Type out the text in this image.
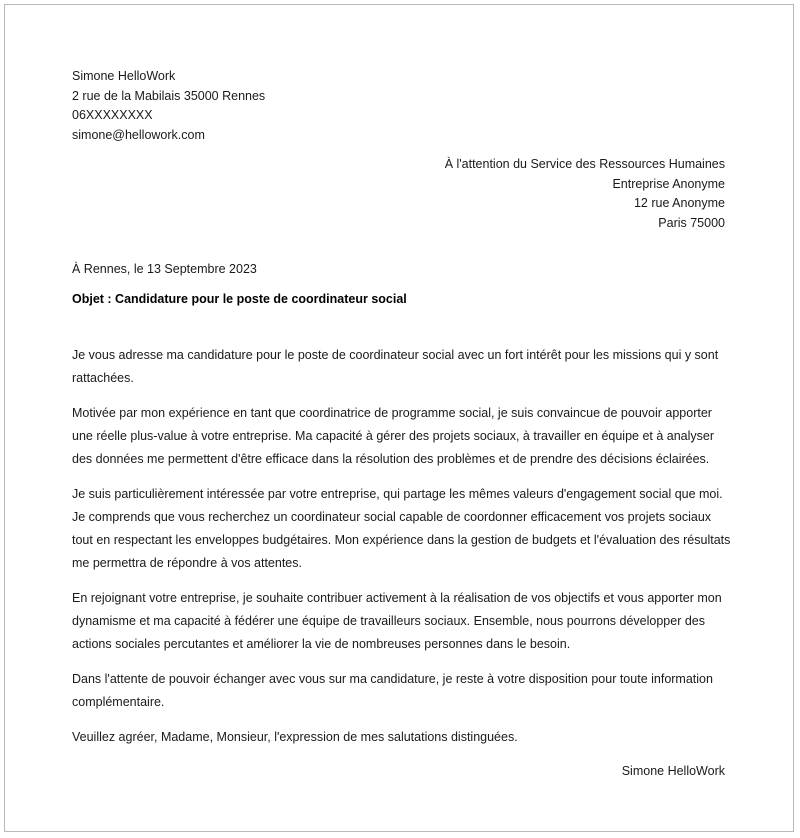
Simone HelloWork
2 rue de la Mabilais 35000 Rennes
06XXXXXXXX
simone@hellowork.com
À l'attention du Service des Ressources Humaines
Entreprise Anonyme
12 rue Anonyme
Paris 75000
À Rennes, le 13 Septembre 2023
Objet : Candidature pour le poste de coordinateur social

Je vous adresse ma candidature pour le poste de coordinateur social avec un fort intérêt pour les missions qui y sont rattachées.

Motivée par mon expérience en tant que coordinatrice de programme social, je suis convaincue de pouvoir apporter une réelle plus-value à votre entreprise. Ma capacité à gérer des projets sociaux, à travailler en équipe et à analyser des données me permettent d'être efficace dans la résolution des problèmes et de prendre des décisions éclairées.

Je suis particulièrement intéressée par votre entreprise, qui partage les mêmes valeurs d'engagement social que moi. Je comprends que vous recherchez un coordinateur social capable de coordonner efficacement vos projets sociaux tout en respectant les enveloppes budgétaires. Mon expérience dans la gestion de budgets et l'évaluation des résultats me permettra de répondre à vos attentes.

En rejoignant votre entreprise, je souhaite contribuer activement à la réalisation de vos objectifs et vous apporter mon dynamisme et ma capacité à fédérer une équipe de travailleurs sociaux. Ensemble, nous pourrons développer des actions sociales percutantes et améliorer la vie de nombreuses personnes dans le besoin.

Dans l'attente de pouvoir échanger avec vous sur ma candidature, je reste à votre disposition pour toute information complémentaire.

Veuillez agréer, Madame, Monsieur, l'expression de mes salutations distinguées.

Simone HelloWork
